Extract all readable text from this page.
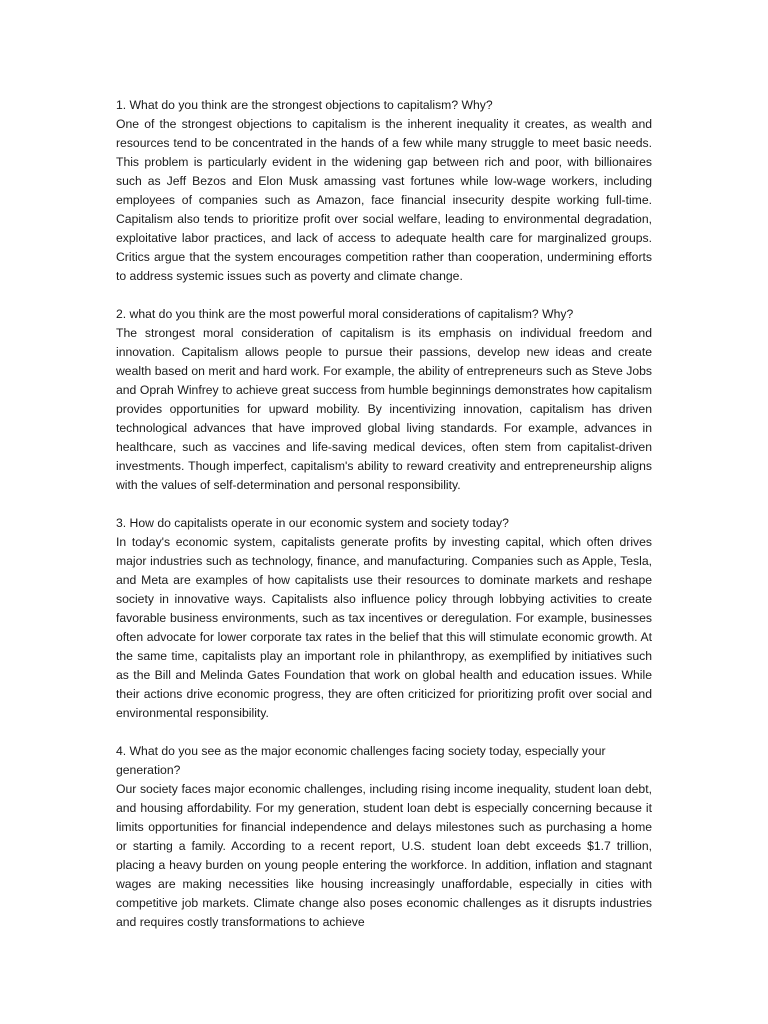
1. What do you think are the strongest objections to capitalism? Why?

One of the strongest objections to capitalism is the inherent inequality it creates, as wealth and resources tend to be concentrated in the hands of a few while many struggle to meet basic needs. This problem is particularly evident in the widening gap between rich and poor, with billionaires such as Jeff Bezos and Elon Musk amassing vast fortunes while low-wage workers, including employees of companies such as Amazon, face financial insecurity despite working full-time. Capitalism also tends to prioritize profit over social welfare, leading to environmental degradation, exploitative labor practices, and lack of access to adequate health care for marginalized groups. Critics argue that the system encourages competition rather than cooperation, undermining efforts to address systemic issues such as poverty and climate change.

2. what do you think are the most powerful moral considerations of capitalism? Why?

The strongest moral consideration of capitalism is its emphasis on individual freedom and innovation. Capitalism allows people to pursue their passions, develop new ideas and create wealth based on merit and hard work. For example, the ability of entrepreneurs such as Steve Jobs and Oprah Winfrey to achieve great success from humble beginnings demonstrates how capitalism provides opportunities for upward mobility. By incentivizing innovation, capitalism has driven technological advances that have improved global living standards. For example, advances in healthcare, such as vaccines and life-saving medical devices, often stem from capitalist-driven investments. Though imperfect, capitalism's ability to reward creativity and entrepreneurship aligns with the values of self-determination and personal responsibility.

3. How do capitalists operate in our economic system and society today?

In today's economic system, capitalists generate profits by investing capital, which often drives major industries such as technology, finance, and manufacturing. Companies such as Apple, Tesla, and Meta are examples of how capitalists use their resources to dominate markets and reshape society in innovative ways. Capitalists also influence policy through lobbying activities to create favorable business environments, such as tax incentives or deregulation. For example, businesses often advocate for lower corporate tax rates in the belief that this will stimulate economic growth. At the same time, capitalists play an important role in philanthropy, as exemplified by initiatives such as the Bill and Melinda Gates Foundation that work on global health and education issues. While their actions drive economic progress, they are often criticized for prioritizing profit over social and environmental responsibility.

4. What do you see as the major economic challenges facing society today, especially your generation?

Our society faces major economic challenges, including rising income inequality, student loan debt, and housing affordability. For my generation, student loan debt is especially concerning because it limits opportunities for financial independence and delays milestones such as purchasing a home or starting a family. According to a recent report, U.S. student loan debt exceeds $1.7 trillion, placing a heavy burden on young people entering the workforce. In addition, inflation and stagnant wages are making necessities like housing increasingly unaffordable, especially in cities with competitive job markets. Climate change also poses economic challenges as it disrupts industries and requires costly transformations to achieve
